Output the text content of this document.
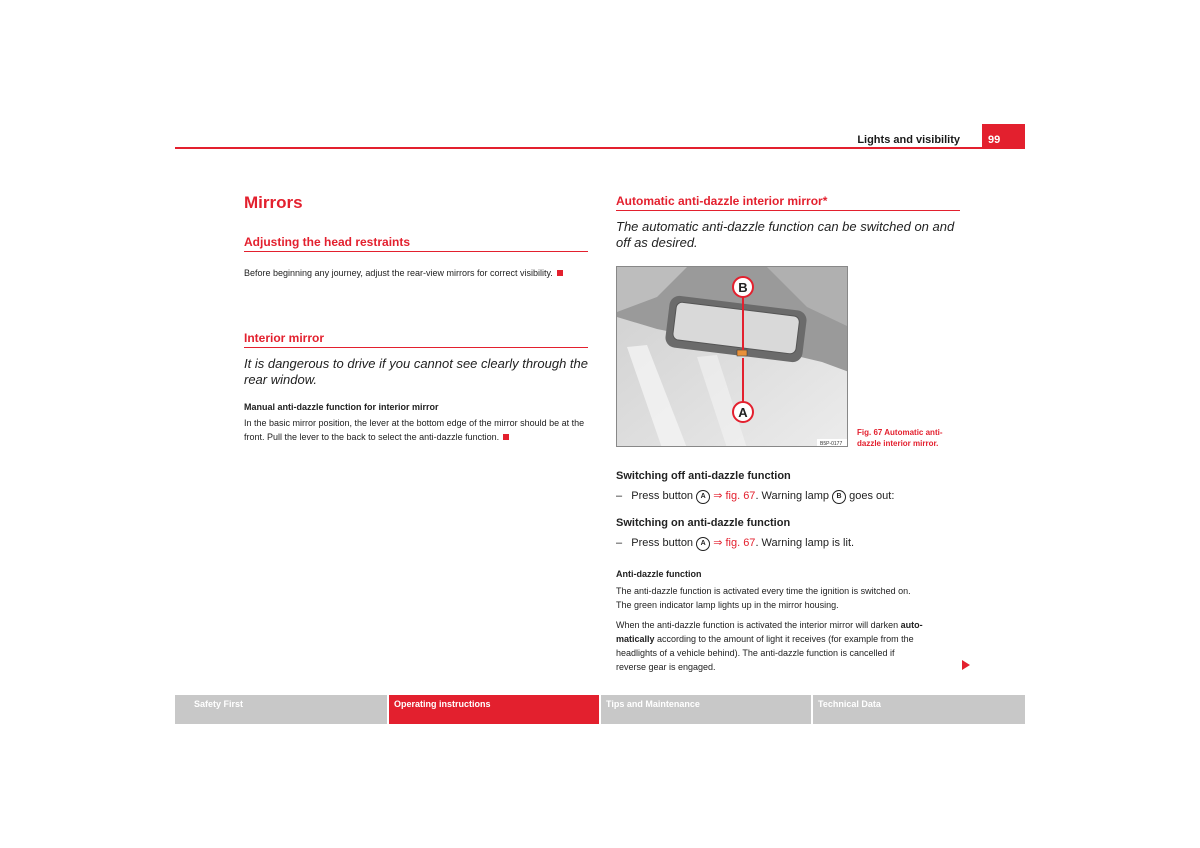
Lights and visibility	99
Mirrors
Adjusting the head restraints
Before beginning any journey, adjust the rear-view mirrors for correct visibility.
Interior mirror
It is dangerous to drive if you cannot see clearly through the rear window.
Manual anti-dazzle function for interior mirror
In the basic mirror position, the lever at the bottom edge of the mirror should be at the front. Pull the lever to the back to select the anti-dazzle function.
Automatic anti-dazzle interior mirror*
The automatic anti-dazzle function can be switched on and off as desired.
B
A
B5P-0177
Fig. 67 Automatic anti-
dazzle interior mirror.
Switching off anti-dazzle function
– Press button A ⇒ fig. 67. Warning lamp B goes out:
Switching on anti-dazzle function
– Press button A ⇒ fig. 67. Warning lamp is lit.
Anti-dazzle function
The anti-dazzle function is activated every time the ignition is switched on.
The green indicator lamp lights up in the mirror housing.
When the anti-dazzle function is activated the interior mirror will darken auto-
matically according to the amount of light it receives (for example from the
headlights of a vehicle behind). The anti-dazzle function is cancelled if
reverse gear is engaged.
Safety First	Operating instructions	Tips and Maintenance	Technical Data
